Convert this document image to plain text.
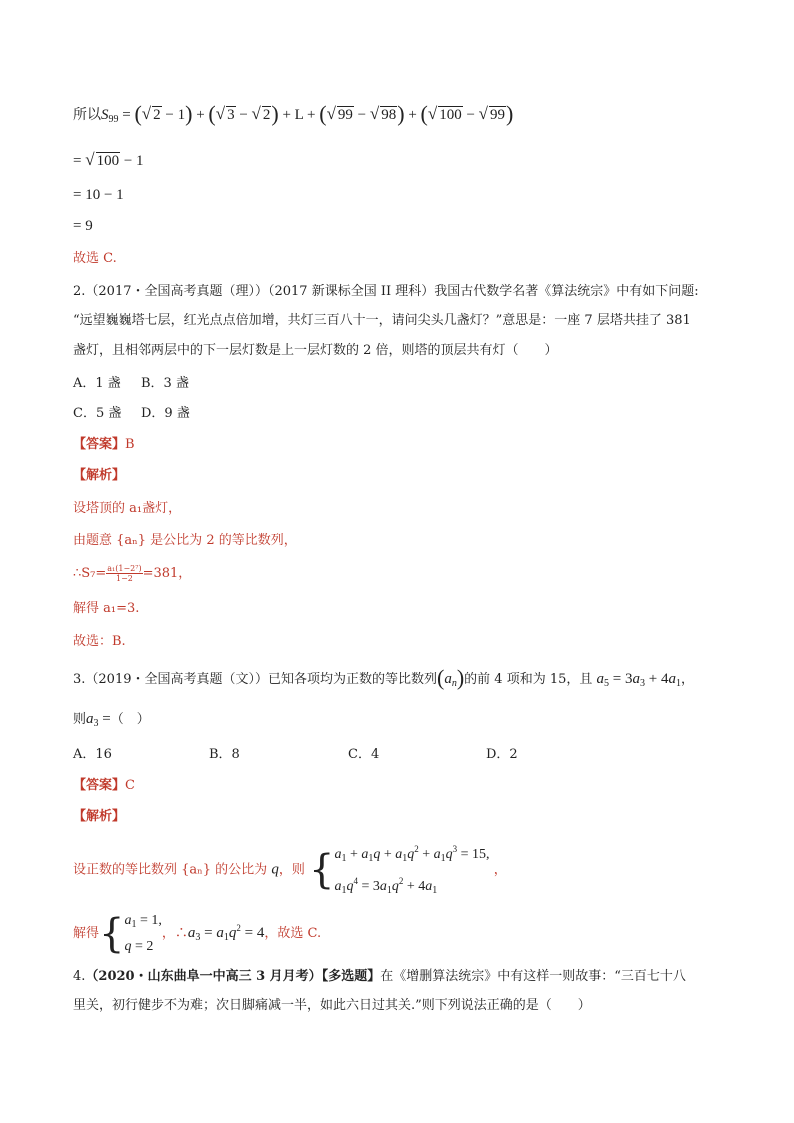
所以$S_{99}$ = (√ 2 − 1) + (√ 3 − √ 2) + L + (√ 99 − √ 98) + (√ 100 − √ 99)
= √ 100 − 1
= 10 − 1
= 9
故选 C.
2.（2017・全国高考真题（理））（2017 新课标全国 II 理科）我国古代数学名著《算法统宗》中有如下问题:
“远望巍巍塔七层，红光点点倍加增，共灯三百八十一，请问尖头几盏灯？”意思是：一座 7 层塔共挂了 381
盏灯，且相邻两层中的下一层灯数是上一层灯数的 2 倍，则塔的顶层共有灯（　　）
A．1 盏 B．3 盏
C．5 盏 D．9 盏
【答案】B
【解析】
设塔顶的 a₁盏灯，
由题意 {aₙ} 是公比为 2 的等比数列，
∴S₇= $\frac{\text{a₁(1−2⁷)}}{1-2} =381$，
解得 a₁=3.
故选：B.
3.（2019・全国高考真题（文））已知各项均为正数的等比数列$(a_n)$的前 4 项和为 15，且 $a_5 = 3a_3 + 4a_1$，
则$a_3$ =（　）
A．16	B．8	C．4	D．2
【答案】C
【解析】
设正数的等比数列 {aₙ} 的公比为 q，则 { $a_1 + a_1q + a_1q^2 + a_1q^3 = 15$,
$a_1q^4 = 3a_1q^2 + 4a_1$
，
解得{ $a_1 = 1$,
q = 2
，$\therefore a_3 = a_1q^2 = 4$，故选 C.
4.（2020・山东曲阜一中高三 3 月月考）【多选题】在《增删算法统宗》中有这样一则故事：“三百七十八
里关，初行健步不为难；次日脚痛减一半，如此六日过其关.”则下列说法正确的是（　　）
